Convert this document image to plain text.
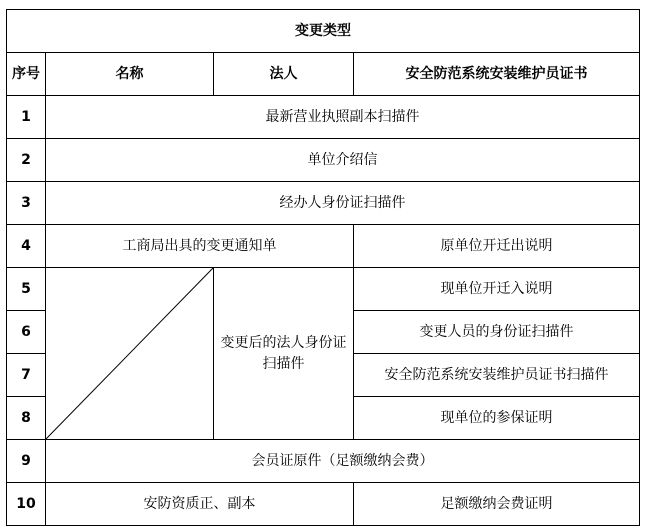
变更类型			
序号	名称	法人	安全防范系统安装维护员证书
1	最新营业执照副本扫描件		
2	单位介绍信		
3	经办人身份证扫描件		
4	工商局出具的变更通知单		原单位开迁出说明
5		变更后的法人身份证扫描件	现单位开迁入说明
6			变更人员的身份证扫描件
7			安全防范系统安装维护员证书扫描件
8			现单位的参保证明
9	会员证原件（足额缴纳会费）		
10	安防资质正、副本		足额缴纳会费证明
